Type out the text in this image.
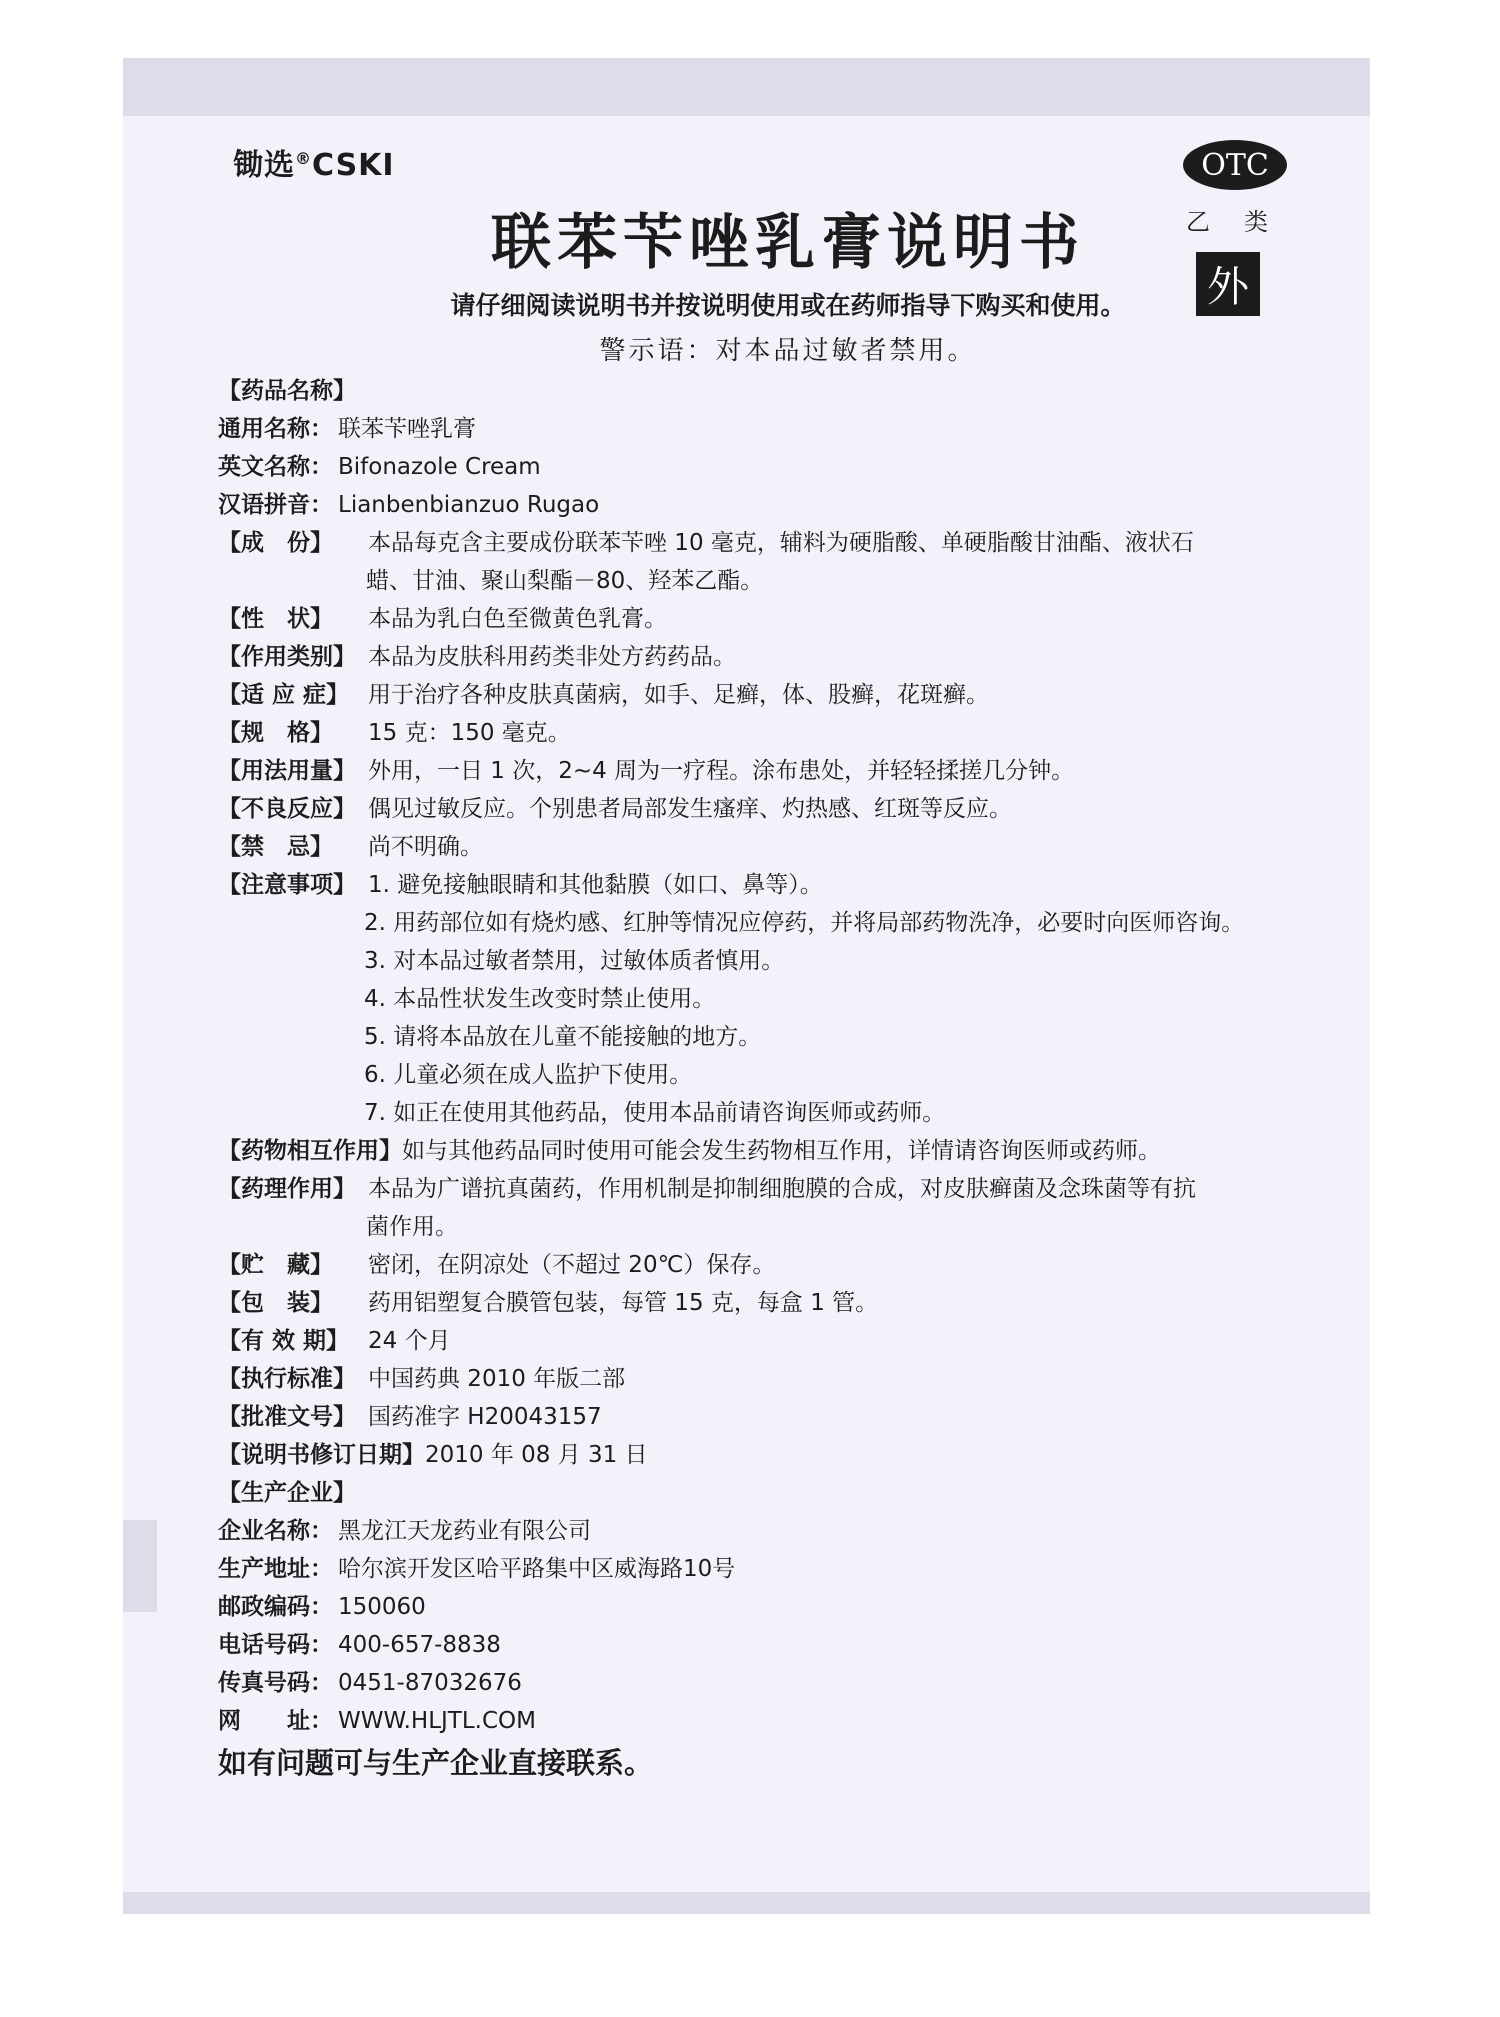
锄选®CSKI	OTC
乙类
外
联苯苄唑乳膏说明书
请仔细阅读说明书并按说明使用或在药师指导下购买和使用。
警示语：对本品过敏者禁用。
【药品名称】
通用名称： 联苯苄唑乳膏
英文名称： Bifonazole Cream
汉语拼音： Lianbenbianzuo Rugao
【成　份】 本品每克含主要成份联苯苄唑 10 毫克，辅料为硬脂酸、单硬脂酸甘油酯、液状石
蜡、甘油、聚山梨酯－80、羟苯乙酯。
【性　状】 本品为乳白色至微黄色乳膏。
【作用类别】 本品为皮肤科用药类非处方药药品。
【适 应 症】 用于治疗各种皮肤真菌病，如手、足癣，体、股癣，花斑癣。
【规　格】 15 克：150 毫克。
【用法用量】 外用，一日 1 次，2~4 周为一疗程。涂布患处，并轻轻揉搓几分钟。
【不良反应】 偶见过敏反应。个别患者局部发生瘙痒、灼热感、红斑等反应。
【禁　忌】 尚不明确。
【注意事项】 1. 避免接触眼睛和其他黏膜（如口、鼻等）。
2. 用药部位如有烧灼感、红肿等情况应停药，并将局部药物洗净，必要时向医师咨询。
3. 对本品过敏者禁用，过敏体质者慎用。
4. 本品性状发生改变时禁止使用。
5. 请将本品放在儿童不能接触的地方。
6. 儿童必须在成人监护下使用。
7. 如正在使用其他药品，使用本品前请咨询医师或药师。
【药物相互作用】如与其他药品同时使用可能会发生药物相互作用，详情请咨询医师或药师。
【药理作用】 本品为广谱抗真菌药，作用机制是抑制细胞膜的合成，对皮肤癣菌及念珠菌等有抗
菌作用。
【贮　藏】 密闭，在阴凉处（不超过 20℃）保存。
【包　装】 药用铝塑复合膜管包装，每管 15 克，每盒 1 管。
【有 效 期】 24 个月
【执行标准】 中国药典 2010 年版二部
【批准文号】 国药准字 H20043157
【说明书修订日期】2010 年 08 月 31 日
【生产企业】
企业名称： 黑龙江天龙药业有限公司
生产地址： 哈尔滨开发区哈平路集中区威海路10号
邮政编码： 150060
电话号码： 400-657-8838
传真号码： 0451-87032676
网　　址： WWW.HLJTL.COM
如有问题可与生产企业直接联系。
